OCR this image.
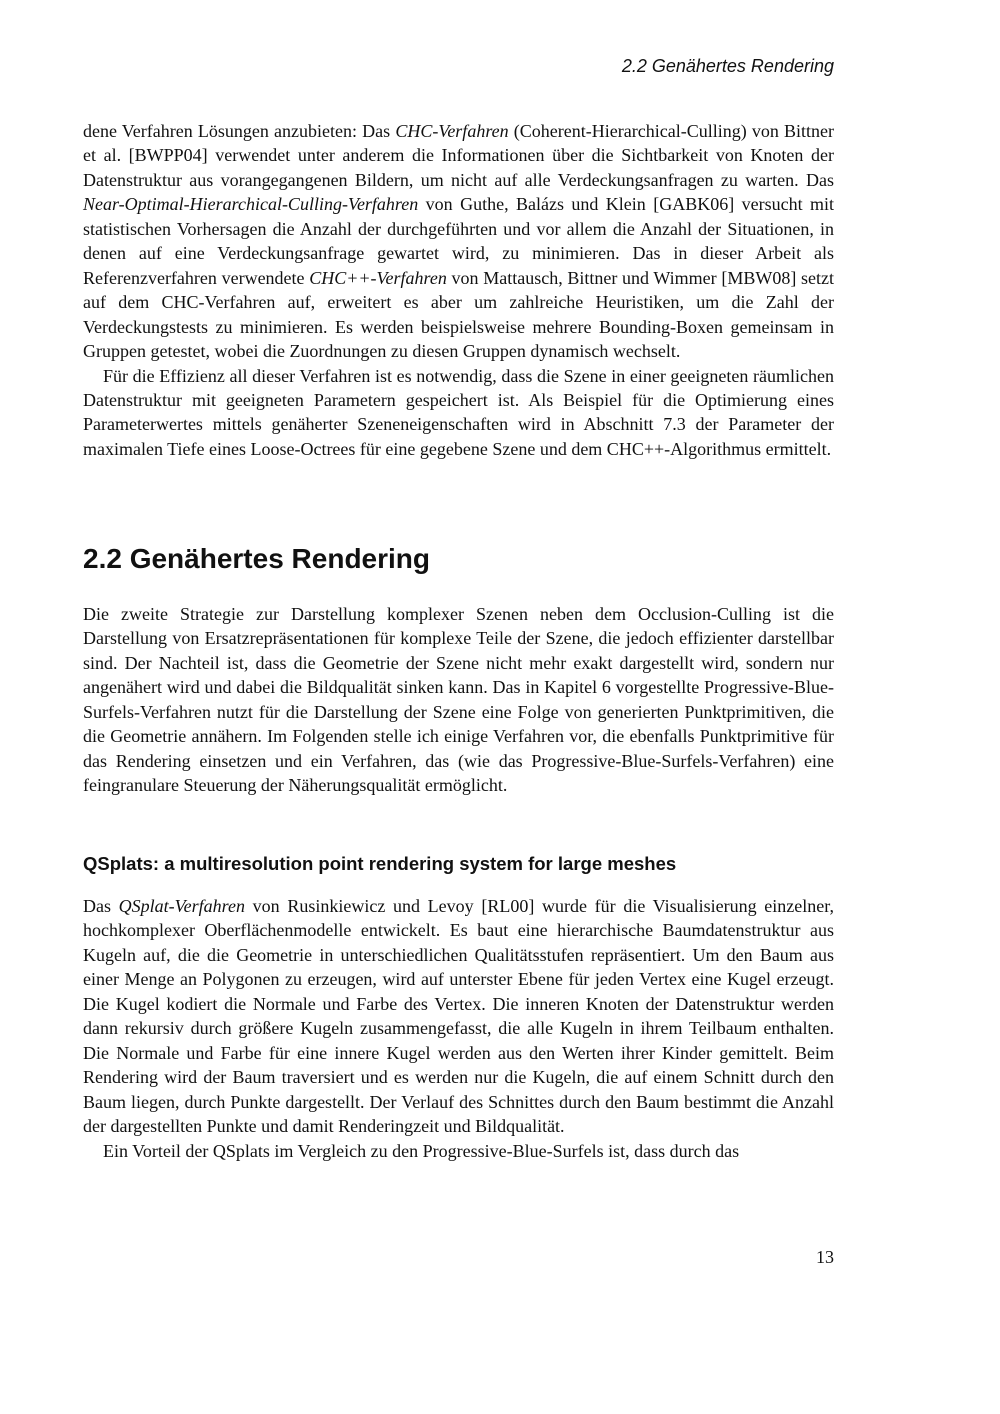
2.2 Genähertes Rendering

dene Verfahren Lösungen anzubieten: Das CHC-Verfahren (Coherent-Hierarchical-Culling) von Bittner et al. [BWPP04] verwendet unter anderem die Informationen über die Sichtbarkeit von Knoten der Datenstruktur aus vorangegangenen Bildern, um nicht auf alle Verdeckungsanfragen zu warten. Das Near-Optimal-Hierarchical-Culling-Verfahren von Guthe, Balázs und Klein [GABK06] versucht mit statistischen Vorhersagen die Anzahl der durchgeführten und vor allem die Anzahl der Situationen, in denen auf eine Verdeckungsanfrage gewartet wird, zu minimieren. Das in dieser Arbeit als Referenzverfahren verwendete CHC++-Verfahren von Mattausch, Bittner und Wimmer [MBW08] setzt auf dem CHC-Verfahren auf, erweitert es aber um zahlreiche Heuristiken, um die Zahl der Verdeckungstests zu minimieren. Es werden beispielsweise mehrere Bounding-Boxen gemeinsam in Gruppen getestet, wobei die Zuordnungen zu diesen Gruppen dynamisch wechselt.

Für die Effizienz all dieser Verfahren ist es notwendig, dass die Szene in einer geeigneten räumlichen Datenstruktur mit geeigneten Parametern gespeichert ist. Als Beispiel für die Optimierung eines Parameterwertes mittels genäherter Szeneneigenschaften wird in Abschnitt 7.3 der Parameter der maximalen Tiefe eines Loose-Octrees für eine gegebene Szene und dem CHC++-Algorithmus ermittelt.

2.2 Genähertes Rendering

Die zweite Strategie zur Darstellung komplexer Szenen neben dem Occlusion-Culling ist die Darstellung von Ersatzrepräsentationen für komplexe Teile der Szene, die jedoch effizienter darstellbar sind. Der Nachteil ist, dass die Geometrie der Szene nicht mehr exakt dargestellt wird, sondern nur angenähert wird und dabei die Bildqualität sinken kann. Das in Kapitel 6 vorgestellte Progressive-Blue-Surfels-Verfahren nutzt für die Darstellung der Szene eine Folge von generierten Punktprimitiven, die die Geometrie annähern. Im Folgenden stelle ich einige Verfahren vor, die ebenfalls Punktprimitive für das Rendering einsetzen und ein Verfahren, das (wie das Progressive-Blue-Surfels-Verfahren) eine feingranulare Steuerung der Näherungsqualität ermöglicht.

QSplats: a multiresolution point rendering system for large meshes

Das QSplat-Verfahren von Rusinkiewicz und Levoy [RL00] wurde für die Visualisierung einzelner, hochkomplexer Oberflächenmodelle entwickelt. Es baut eine hierarchische Baumdatenstruktur aus Kugeln auf, die die Geometrie in unterschiedlichen Qualitätsstufen repräsentiert. Um den Baum aus einer Menge an Polygonen zu erzeugen, wird auf unterster Ebene für jeden Vertex eine Kugel erzeugt. Die Kugel kodiert die Normale und Farbe des Vertex. Die inneren Knoten der Datenstruktur werden dann rekursiv durch größere Kugeln zusammengefasst, die alle Kugeln in ihrem Teilbaum enthalten. Die Normale und Farbe für eine innere Kugel werden aus den Werten ihrer Kinder gemittelt. Beim Rendering wird der Baum traversiert und es werden nur die Kugeln, die auf einem Schnitt durch den Baum liegen, durch Punkte dargestellt. Der Verlauf des Schnittes durch den Baum bestimmt die Anzahl der dargestellten Punkte und damit Renderingzeit und Bildqualität.

Ein Vorteil der QSplats im Vergleich zu den Progressive-Blue-Surfels ist, dass durch das

13
